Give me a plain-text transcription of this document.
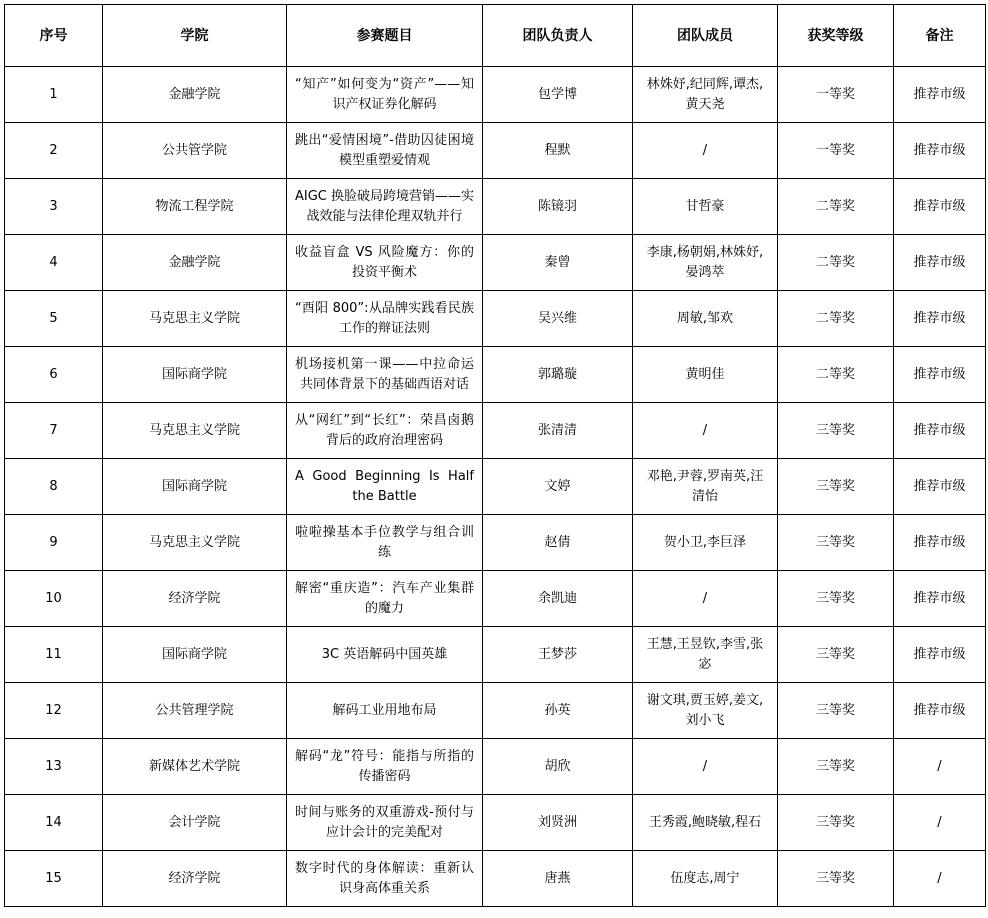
序号	学院	参赛题目	团队负责人	团队成员	获奖等级	备注
1	金融学院	“知产”如何变为“资产”——知识产权证券化解码	包学博	林姝妤,纪同辉,谭杰,黄天尧	一等奖	推荐市级
2	公共管学院	跳出“爱情困境”-借助囚徒困境模型重塑爱情观	程默	/	一等奖	推荐市级
3	物流工程学院	AIGC 换脸破局跨境营销——实战效能与法律伦理双轨并行	陈镜羽	甘哲豪	二等奖	推荐市级
4	金融学院	收益盲盒 VS 风险魔方：你的投资平衡术	秦曾	李康,杨朝娟,林姝妤,晏鸿萃	二等奖	推荐市级
5	马克思主义学院	“酉阳 800”:从品牌实践看民族工作的辩证法则	吴兴维	周敏,邹欢	二等奖	推荐市级
6	国际商学院	机场接机第一课——中拉命运共同体背景下的基础西语对话	郭璐璇	黄明佳	二等奖	推荐市级
7	马克思主义学院	从“网红”到“长红”：荣昌卤鹅背后的政府治理密码	张清清	/	三等奖	推荐市级
8	国际商学院	A Good Beginning Is Half the Battle	文婷	邓艳,尹蓉,罗南英,汪清怡	三等奖	推荐市级
9	马克思主义学院	啦啦操基本手位教学与组合训练	赵倩	贺小卫,李巨泽	三等奖	推荐市级
10	经济学院	解密“重庆造”：汽车产业集群的魔力	余凯迪	/	三等奖	推荐市级
11	国际商学院	3C 英语解码中国英雄	王梦莎	王慧,王昱钦,李雪,张宓	三等奖	推荐市级
12	公共管理学院	解码工业用地布局	孙英	谢文琪,贾玉婷,姜文,刘小飞	三等奖	推荐市级
13	新媒体艺术学院	解码“龙”符号：能指与所指的传播密码	胡欣	/	三等奖	/
14	会计学院	时间与账务的双重游戏-预付与应计会计的完美配对	刘贤洲	王秀霞,鲍晓敏,程石	三等奖	/
15	经济学院	数字时代的身体解读：重新认识身高体重关系	唐燕	伍度志,周宁	三等奖	/
